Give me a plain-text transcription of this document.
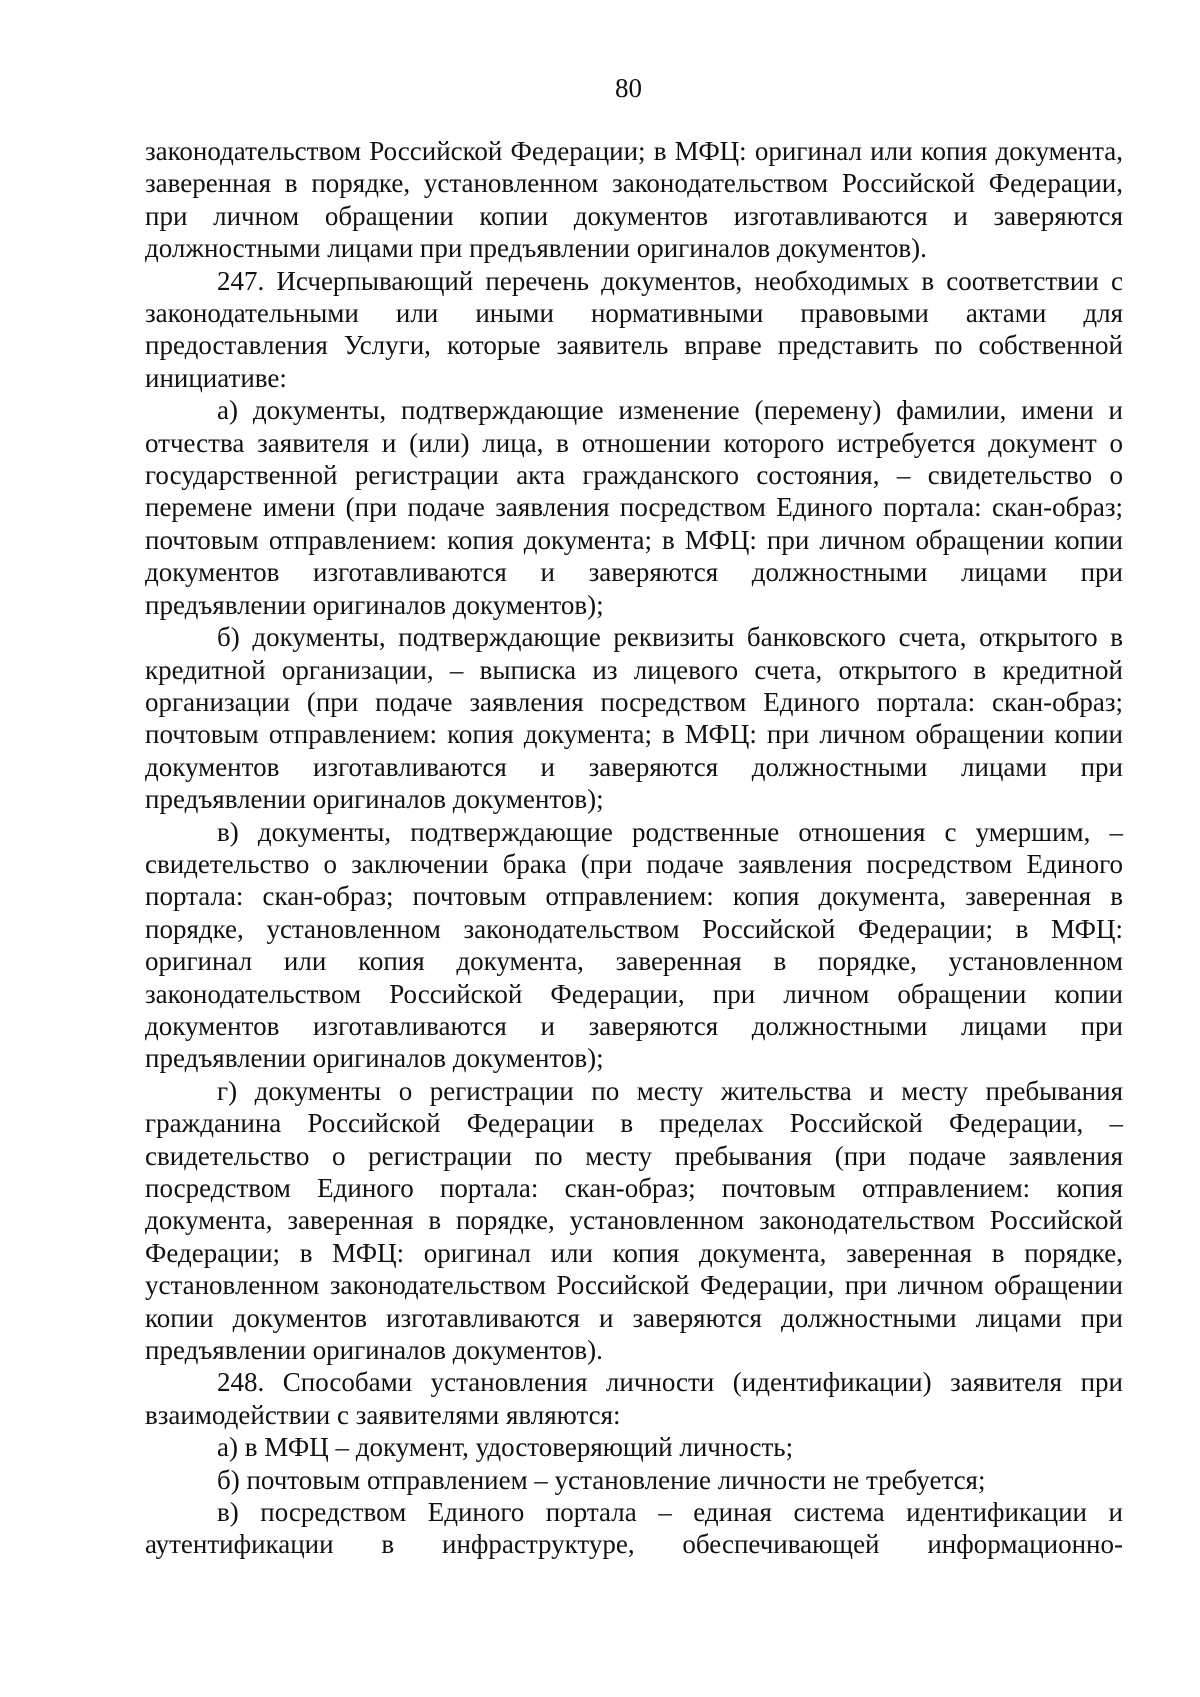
80

законодательством Российской Федерации; в МФЦ: оригинал или копия документа, заверенная в порядке, установленном законодательством Российской Федерации, при личном обращении копии документов изготавливаются и заверяются должностными лицами при предъявлении оригиналов документов).

247. Исчерпывающий перечень документов, необходимых в соответствии с законодательными или иными нормативными правовыми актами для предоставления Услуги, которые заявитель вправе представить по собственной инициативе:

а) документы, подтверждающие изменение (перемену) фамилии, имени и отчества заявителя и (или) лица, в отношении которого истребуется документ о государственной регистрации акта гражданского состояния, – свидетельство о перемене имени (при подаче заявления посредством Единого портала: скан-образ; почтовым отправлением: копия документа; в МФЦ: при личном обращении копии документов изготавливаются и заверяются должностными лицами при предъявлении оригиналов документов);

б) документы, подтверждающие реквизиты банковского счета, открытого в кредитной организации, – выписка из лицевого счета, открытого в кредитной организации (при подаче заявления посредством Единого портала: скан-образ; почтовым отправлением: копия документа; в МФЦ: при личном обращении копии документов изготавливаются и заверяются должностными лицами при предъявлении оригиналов документов);

в) документы, подтверждающие родственные отношения с умершим, – свидетельство о заключении брака (при подаче заявления посредством Единого портала: скан-образ; почтовым отправлением: копия документа, заверенная в порядке, установленном законодательством Российской Федерации; в МФЦ: оригинал или копия документа, заверенная в порядке, установленном законодательством Российской Федерации, при личном обращении копии документов изготавливаются и заверяются должностными лицами при предъявлении оригиналов документов);

г) документы о регистрации по месту жительства и месту пребывания гражданина Российской Федерации в пределах Российской Федерации, – свидетельство о регистрации по месту пребывания (при подаче заявления посредством Единого портала: скан-образ; почтовым отправлением: копия документа, заверенная в порядке, установленном законодательством Российской Федерации; в МФЦ: оригинал или копия документа, заверенная в порядке, установленном законодательством Российской Федерации, при личном обращении копии документов изготавливаются и заверяются должностными лицами при предъявлении оригиналов документов).

248. Способами установления личности (идентификации) заявителя при взаимодействии с заявителями являются:

а) в МФЦ – документ, удостоверяющий личность;

б) почтовым отправлением – установление личности не требуется;

в) посредством Единого портала – единая система идентификации и аутентификации в инфраструктуре, обеспечивающей информационно-
